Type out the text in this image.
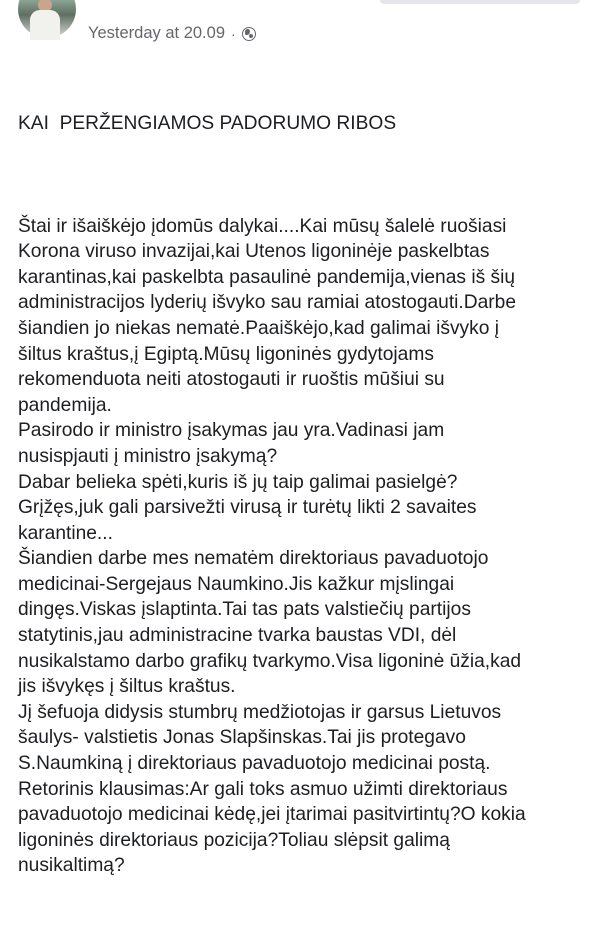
Yesterday at 20.09 ·

KAI  PERŽENGIAMOS PADORUMO RIBOS

Štai ir išaiškėjo įdomūs dalykai....Kai mūsų šalelė ruošiasi

Korona viruso invazijai,kai Utenos ligoninėje paskelbtas

karantinas,kai paskelbta pasaulinė pandemija,vienas iš šių

administracijos lyderių išvyko sau ramiai atostogauti.Darbe

šiandien jo niekas nematė.Paaiškėjo,kad galimai išvyko į

šiltus kraštus,į Egiptą.Mūsų ligoninės gydytojams

rekomenduota neiti atostogauti ir ruoštis mūšiui su

pandemija.

Pasirodo ir ministro įsakymas jau yra.Vadinasi jam

nusispjauti į ministro įsakymą?

Dabar belieka spėti,kuris iš jų taip galimai pasielgė?

Grįžęs,juk gali parsivežti virusą ir turėtų likti 2 savaites

karantine...

Šiandien darbe mes nematėm direktoriaus pavaduotojo

medicinai-Sergejaus Naumkino.Jis kažkur mįslingai

dingęs.Viskas įslaptinta.Tai tas pats valstiečių partijos

statytinis,jau administracine tvarka baustas VDI, dėl

nusikalstamo darbo grafikų tvarkymo.Visa ligoninė ūžia,kad

jis išvykęs į šiltus kraštus.

Jį šefuoja didysis stumbrų medžiotojas ir garsus Lietuvos

šaulys- valstietis Jonas Slapšinskas.Tai jis protegavo

S.Naumkiną į direktoriaus pavaduotojo medicinai postą.

Retorinis klausimas:Ar gali toks asmuo užimti direktoriaus

pavaduotojo medicinai kėdę,jei įtarimai pasitvirtintų?O kokia

ligoninės direktoriaus pozicija?Toliau slėpsit galimą

nusikaltimą?
